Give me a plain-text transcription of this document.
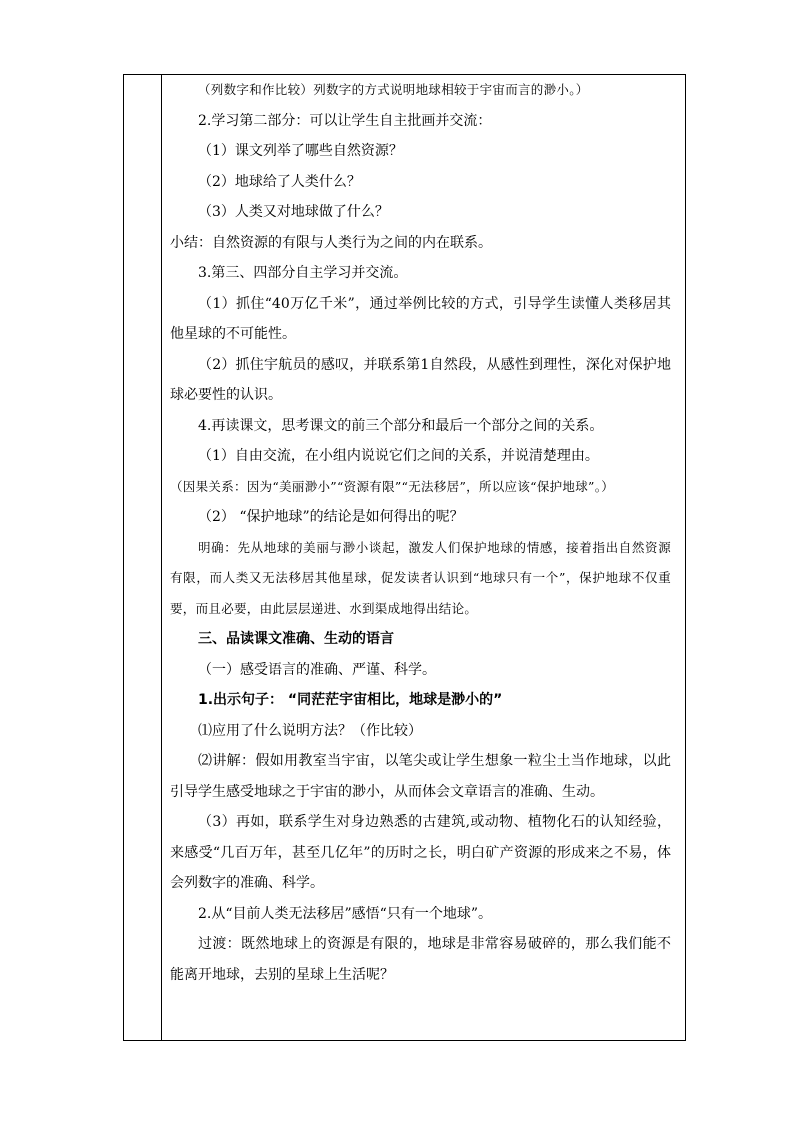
（列数字和作比较）列数字的方式说明地球相较于宇宙而言的渺小。）

2.学习第二部分：可以让学生自主批画并交流：

（1）课文列举了哪些自然资源？

（2）地球给了人类什么？

（3）人类又对地球做了什么？

小结：自然资源的有限与人类行为之间的内在联系。

3.第三、四部分自主学习并交流。

（1）抓住“40万亿千米”，通过举例比较的方式，引导学生读懂人类移居其他星球的不可能性。

（2）抓住宇航员的感叹，并联系第1自然段，从感性到理性，深化对保护地球必要性的认识。

4.再读课文，思考课文的前三个部分和最后一个部分之间的关系。

（1）自由交流，在小组内说说它们之间的关系，并说清楚理由。

（因果关系：因为“美丽渺小”“资源有限”“无法移居”，所以应该“保护地球”。）

（2） “保护地球”的结论是如何得出的呢？

明确：先从地球的美丽与渺小谈起，激发人们保护地球的情感，接着指出自然资源有限，而人类又无法移居其他星球，促发读者认识到“地球只有一个”，保护地球不仅重要，而且必要，由此层层递进、水到渠成地得出结论。

三、品读课文准确、生动的语言

（一）感受语言的准确、严谨、科学。

1.出示句子： “同茫茫宇宙相比，地球是渺小的”

⑴应用了什么说明方法？（作比较）

⑵讲解：假如用教室当宇宙，以笔尖或让学生想象一粒尘土当作地球，以此引导学生感受地球之于宇宙的渺小，从而体会文章语言的准确、生动。

（3）再如，联系学生对身边熟悉的古建筑,或动物、植物化石的认知经验，来感受“几百万年，甚至几亿年”的历时之长，明白矿产资源的形成来之不易，体会列数字的准确、科学。

2.从“目前人类无法移居”感悟“只有一个地球”。

过渡：既然地球上的资源是有限的，地球是非常容易破碎的，那么我们能不能离开地球，去别的星球上生活呢？
